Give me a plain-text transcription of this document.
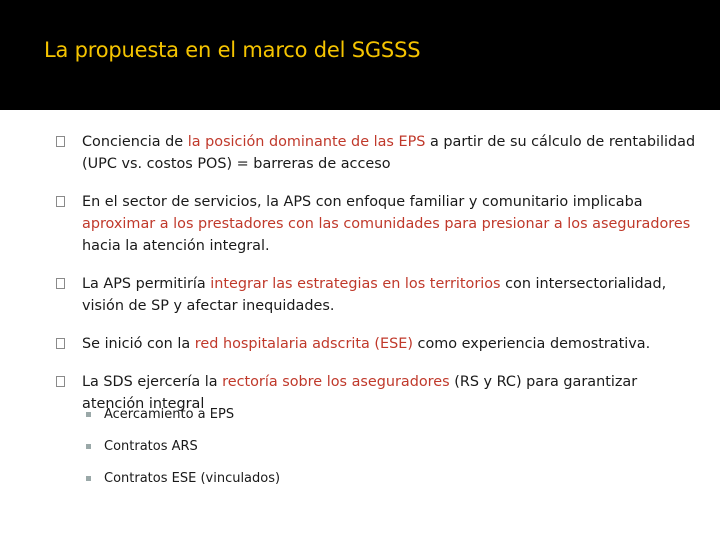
La propuesta en el marco del SGSSS
Conciencia de la posición dominante de las EPS a partir de su cálculo de rentabilidad (UPC vs. costos POS) = barreras de acceso
En el sector de servicios, la APS con enfoque familiar y comunitario implicaba aproximar a los prestadores con las comunidades para presionar a los aseguradores hacia la atención integral.
La APS permitiría integrar las estrategias en los territorios con intersectorialidad, visión de SP y afectar inequidades.
Se inició con la red hospitalaria adscrita (ESE) como experiencia demostrativa.
La SDS ejercería la rectoría sobre los aseguradores (RS y RC) para garantizar atención integral
Acercamiento a EPS
Contratos ARS
Contratos ESE (vinculados)
